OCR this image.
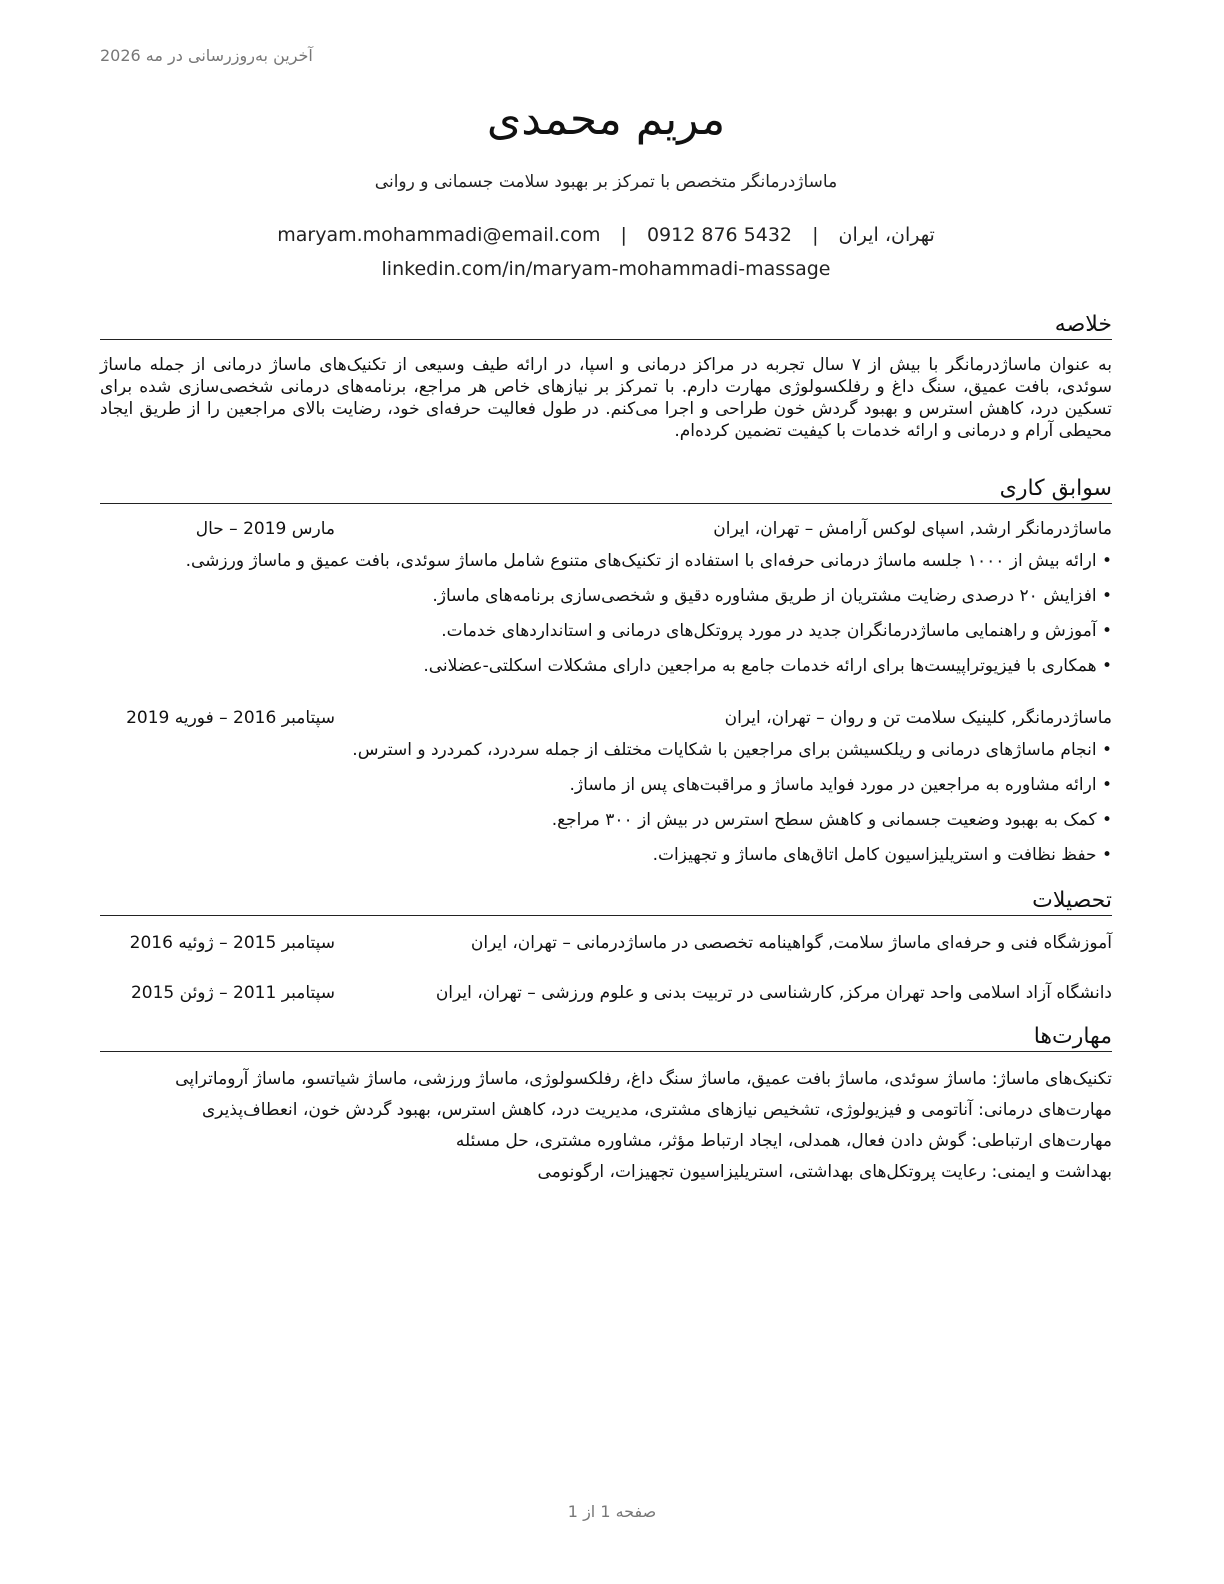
آخرین به‌روزرسانی در مه 2026
مریم محمدی
ماساژدرمانگر متخصص با تمرکز بر بهبود سلامت جسمانی و روانی
تهران، ایران | maryam.mohammadi@email.com | 0912 876 5432
linkedin.com/in/maryam-mohammadi-massage
خلاصه
به عنوان ماساژدرمانگر با بیش از ۷ سال تجربه در مراکز درمانی و اسپا، در ارائه طیف وسیعی از تکنیک‌های ماساژ درمانی از جمله ماساژ سوئدی، بافت عمیق، سنگ داغ و رفلکسولوژی مهارت دارم. با تمرکز بر نیازهای خاص هر مراجع، برنامه‌های درمانی شخصی‌سازی شده برای تسکین درد، کاهش استرس و بهبود گردش خون طراحی و اجرا می‌کنم. در طول فعالیت حرفه‌ای خود، رضایت بالای مراجعین را از طریق ایجاد محیطی آرام و درمانی و ارائه خدمات با کیفیت تضمین کرده‌ام.
سوابق کاری
ماساژدرمانگر ارشد, اسپای لوکس آرامش – تهران، ایران
مارس 2019 – حال
• ارائه بیش از ۱۰۰۰ جلسه ماساژ درمانی حرفه‌ای با استفاده از تکنیک‌های متنوع شامل ماساژ سوئدی، بافت عمیق و ماساژ ورزشی.
• افزایش ۲۰ درصدی رضایت مشتریان از طریق مشاوره دقیق و شخصی‌سازی برنامه‌های ماساژ.
• آموزش و راهنمایی ماساژدرمانگران جدید در مورد پروتکل‌های درمانی و استانداردهای خدمات.
• همکاری با فیزیوتراپیست‌ها برای ارائه خدمات جامع به مراجعین دارای مشکلات اسکلتی-عضلانی.
ماساژدرمانگر, کلینیک سلامت تن و روان – تهران، ایران
سپتامبر 2016 – فوریه 2019
• انجام ماساژهای درمانی و ریلکسیشن برای مراجعین با شکایات مختلف از جمله سردرد، کمردرد و استرس.
• ارائه مشاوره به مراجعین در مورد فواید ماساژ و مراقبت‌های پس از ماساژ.
• کمک به بهبود وضعیت جسمانی و کاهش سطح استرس در بیش از ۳۰۰ مراجع.
• حفظ نظافت و استریلیزاسیون کامل اتاق‌های ماساژ و تجهیزات.
تحصیلات
آموزشگاه فنی و حرفه‌ای ماساژ سلامت, گواهینامه تخصصی در ماساژدرمانی – تهران، ایران
سپتامبر 2015 – ژوئیه 2016
دانشگاه آزاد اسلامی واحد تهران مرکز, کارشناسی در تربیت بدنی و علوم ورزشی – تهران، ایران
سپتامبر 2011 – ژوئن 2015
مهارت‌ها
تکنیک‌های ماساژ: ماساژ سوئدی، ماساژ بافت عمیق، ماساژ سنگ داغ، رفلکسولوژی، ماساژ ورزشی، ماساژ شیاتسو، ماساژ آروماتراپی
مهارت‌های درمانی: آناتومی و فیزیولوژی، تشخیص نیازهای مشتری، مدیریت درد، کاهش استرس، بهبود گردش خون، انعطاف‌پذیری
مهارت‌های ارتباطی: گوش دادن فعال، همدلی، ایجاد ارتباط مؤثر، مشاوره مشتری، حل مسئله
بهداشت و ایمنی: رعایت پروتکل‌های بهداشتی، استریلیزاسیون تجهیزات، ارگونومی
صفحه 1 از 1
